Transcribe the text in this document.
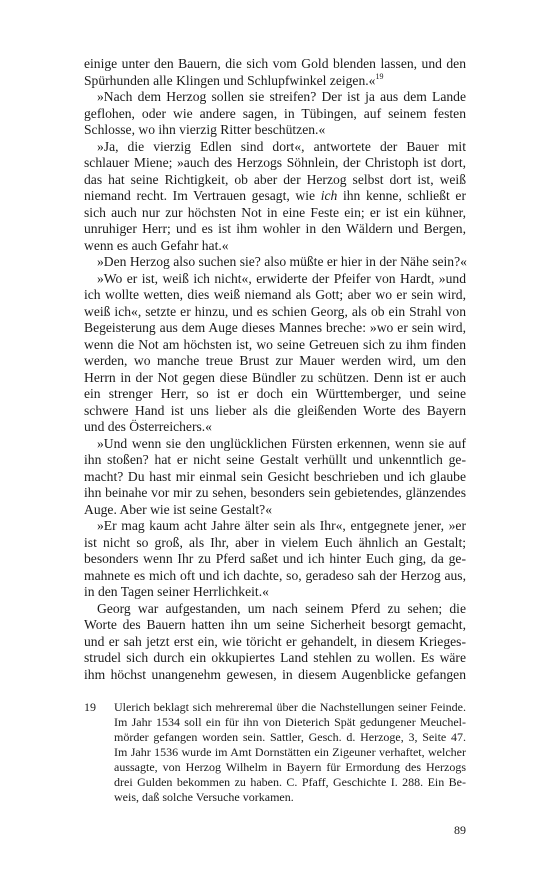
einige unter den Bauern, die sich vom Gold blenden lassen, und den
Spürhunden alle Klingen und Schlupfwinkel zeigen.«$^{19}$
»Nach dem Herzog sollen sie streifen? Der ist ja aus dem Lande
geflohen, oder wie andere sagen, in Tübingen, auf seinem festen
Schlosse, wo ihn vierzig Ritter beschützen.«
»Ja, die vierzig Edlen sind dort«, antwortete der Bauer mit
schlauer Miene; »auch des Herzogs Söhnlein, der Christoph ist dort,
das hat seine Richtigkeit, ob aber der Herzog selbst dort ist, weiß
niemand recht. Im Vertrauen gesagt, wie ich ihn kenne, schließt er
sich auch nur zur höchsten Not in eine Feste ein; er ist ein kühner,
unruhiger Herr; und es ist ihm wohler in den Wäldern und Bergen,
wenn es auch Gefahr hat.«
»Den Herzog also suchen sie? also müßte er hier in der Nähe sein?«
»Wo er ist, weiß ich nicht«, erwiderte der Pfeifer von Hardt, »und
ich wollte wetten, dies weiß niemand als Gott; aber wo er sein wird,
weiß ich«, setzte er hinzu, und es schien Georg, als ob ein Strahl von
Begeisterung aus dem Auge dieses Mannes breche: »wo er sein wird,
wenn die Not am höchsten ist, wo seine Getreuen sich zu ihm finden
werden, wo manche treue Brust zur Mauer werden wird, um den
Herrn in der Not gegen diese Bündler zu schützen. Denn ist er auch
ein strenger Herr, so ist er doch ein Württemberger, und seine
schwere Hand ist uns lieber als die gleißenden Worte des Bayern
und des Österreichers.«
»Und wenn sie den unglücklichen Fürsten erkennen, wenn sie auf
ihn stoßen? hat er nicht seine Gestalt verhüllt und unkenntlich ge-
macht? Du hast mir einmal sein Gesicht beschrieben und ich glaube
ihn beinahe vor mir zu sehen, besonders sein gebietendes, glänzendes
Auge. Aber wie ist seine Gestalt?«
»Er mag kaum acht Jahre älter sein als Ihr«, entgegnete jener, »er
ist nicht so groß, als Ihr, aber in vielem Euch ähnlich an Gestalt;
besonders wenn Ihr zu Pferd saßet und ich hinter Euch ging, da ge-
mahnete es mich oft und ich dachte, so, geradeso sah der Herzog aus,
in den Tagen seiner Herrlichkeit.«
Georg war aufgestanden, um nach seinem Pferd zu sehen; die
Worte des Bauern hatten ihn um seine Sicherheit besorgt gemacht,
und er sah jetzt erst ein, wie töricht er gehandelt, in diesem Krieges-
strudel sich durch ein okkupiertes Land stehlen zu wollen. Es wäre
ihm höchst unangenehm gewesen, in diesem Augenblicke gefangen
19 Ulerich beklagt sich mehreremal über die Nachstellungen seiner Feinde.
Im Jahr 1534 soll ein für ihn von Dieterich Spät gedungener Meuchel-
mörder gefangen worden sein. Sattler, Gesch. d. Herzoge, 3, Seite 47.
Im Jahr 1536 wurde im Amt Dornstätten ein Zigeuner verhaftet, welcher
aussagte, von Herzog Wilhelm in Bayern für Ermordung des Herzogs
drei Gulden bekommen zu haben. C. Pfaff, Geschichte I. 288. Ein Be-
weis, daß solche Versuche vorkamen.
89
